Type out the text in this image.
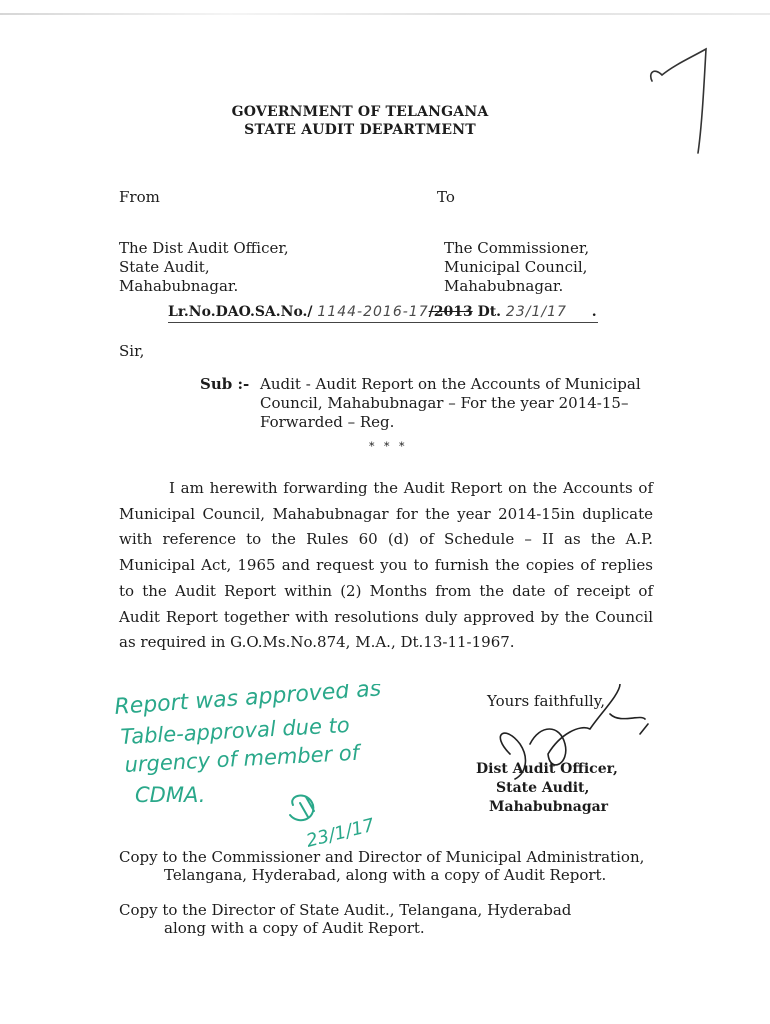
GOVERNMENT OF TELANGANA
STATE AUDIT DEPARTMENT
From	To
The Dist Audit Officer,
State Audit,
Mahabubnagar.
The Commissioner,
Municipal Council,
Mahabubnagar.
Lr.No.DAO.SA.No./ 1144-2016-17/2013 Dt. 23/1/17 .
Sir,
Sub :- Audit - Audit Report on the Accounts of Municipal Council, Mahabubnagar – For the year 2014-15– Forwarded – Reg.
* * *
I am herewith forwarding the Audit Report on the Accounts of Municipal Council, Mahabubnagar for the year 2014-15in duplicate with reference to the Rules 60 (d) of Schedule – II as the A.P. Municipal Act, 1965 and request you to furnish the copies of replies to the Audit Report within (2) Months from the date of receipt of Audit Report together with resolutions duly approved by the Council as required in G.O.Ms.No.874, M.A., Dt.13-11-1967.
Yours faithfully,
Dist Audit Officer,
State Audit,
Mahabubnagar
Report was approved as
Table-approval due to
urgency of member of
CDMA.
23/1/17
Copy to the Commissioner and Director of Municipal Administration,
Telangana, Hyderabad, along with a copy of Audit Report.
Copy to the Director of State Audit., Telangana, Hyderabad
along with a copy of Audit Report.
